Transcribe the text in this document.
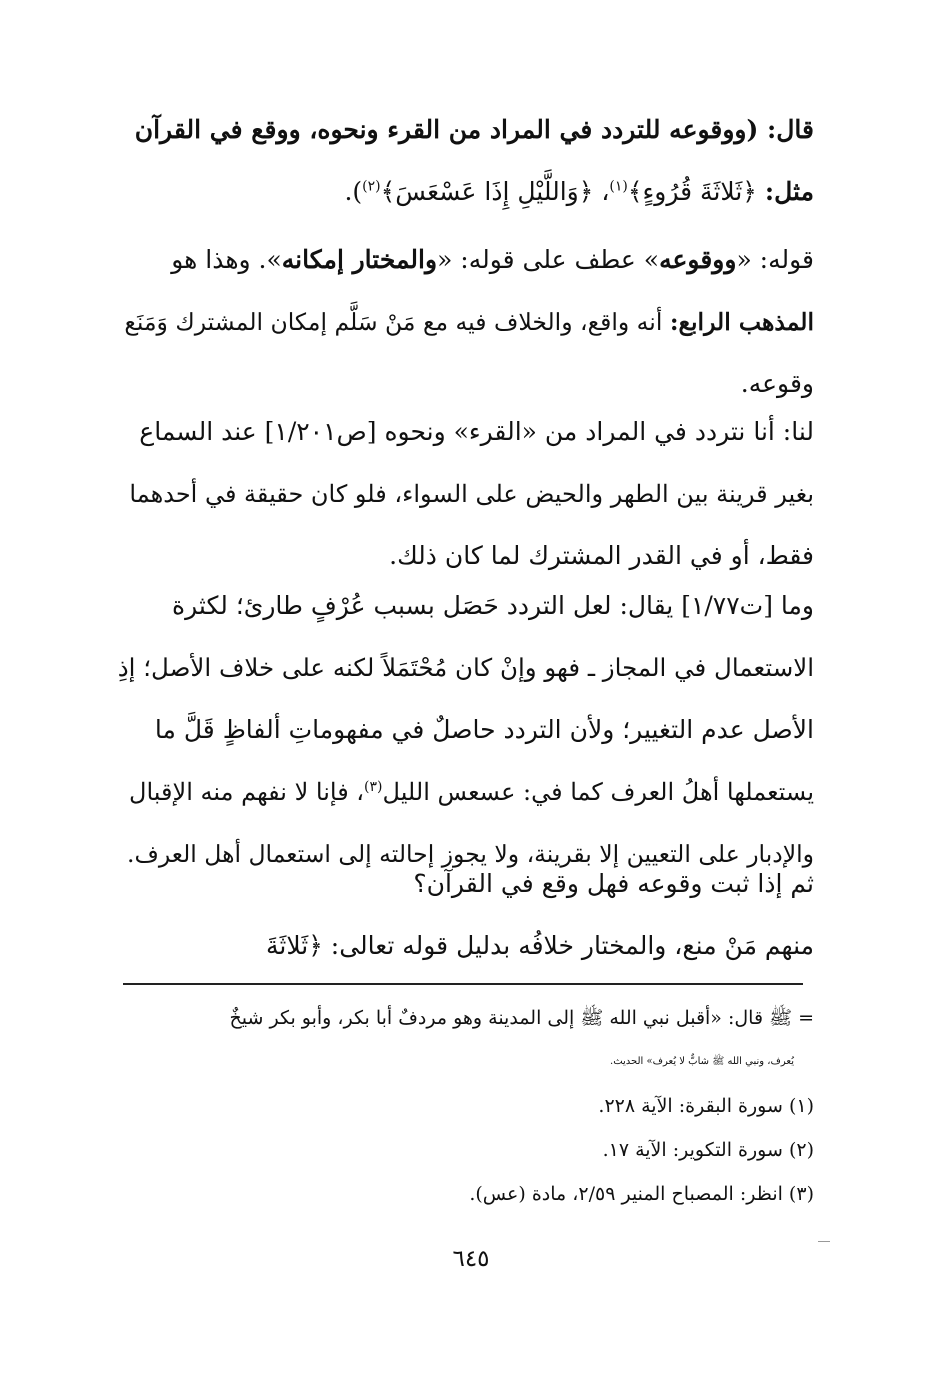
قال: (ووقوعه للتردد في المراد من القرء ونحوه، ووقع في القرآن
مثل: ﴿ثَلاثَةَ قُرُوءٍ﴾$^{(١)}$، ﴿وَاللَّيْلِ إِذَا عَسْعَسَ﴾$^{(٢)}$).
قوله: «ووقوعه» عطف على قوله: «والمختار إمكانه». وهذا هو
المذهب الرابع: أنه واقع، والخلاف فيه مع مَنْ سَلَّم إمكان المشترك وَمَنَع
وقوعه.
لنا: أنا نتردد في المراد من «القرء» ونحوه [ص١/٢٠١] عند السماع
بغير قرينة بين الطهر والحيض على السواء، فلو كان حقيقة في أحدهما
فقط، أو في القدر المشترك لما كان ذلك.
وما [ت١/٧٧] يقال: لعل التردد حَصَل بسبب عُرْفٍ طارئ؛ لكثرة
الاستعمال في المجاز ـ فهو وإنْ كان مُحْتَمَلاً لكنه على خلاف الأصل؛ إذِ
الأصل عدم التغيير؛ ولأن التردد حاصلٌ في مفهوماتِ ألفاظٍ قَلَّ ما
يستعملها أهلُ العرف كما في: عسعس الليل$^{(٣)}$، فإنا لا نفهم منه الإقبال
والإدبار على التعيين إلا بقرينة، ولا يجوز إحالته إلى استعمال أهل العرف.
ثم إذا ثبت وقوعه فهل وقع في القرآن؟
منهم مَنْ منع، والمختار خلافُه بدليل قوله تعالى: ﴿ثَلاثَةَ
= ﷺ قال: «أقبل نبي الله ﷺ إلى المدينة وهو مردفٌ أبا بكر، وأبو بكر شيخٌ
يُعرف، ونبي الله ﷺ شابٌّ لا يُعرف» الحديث.
(١) سورة البقرة: الآية ٢٢٨.
(٢) سورة التكوير: الآية ١٧.
(٣) انظر: المصباح المنير ٢/٥٩، مادة (عس).
٦٤٥
